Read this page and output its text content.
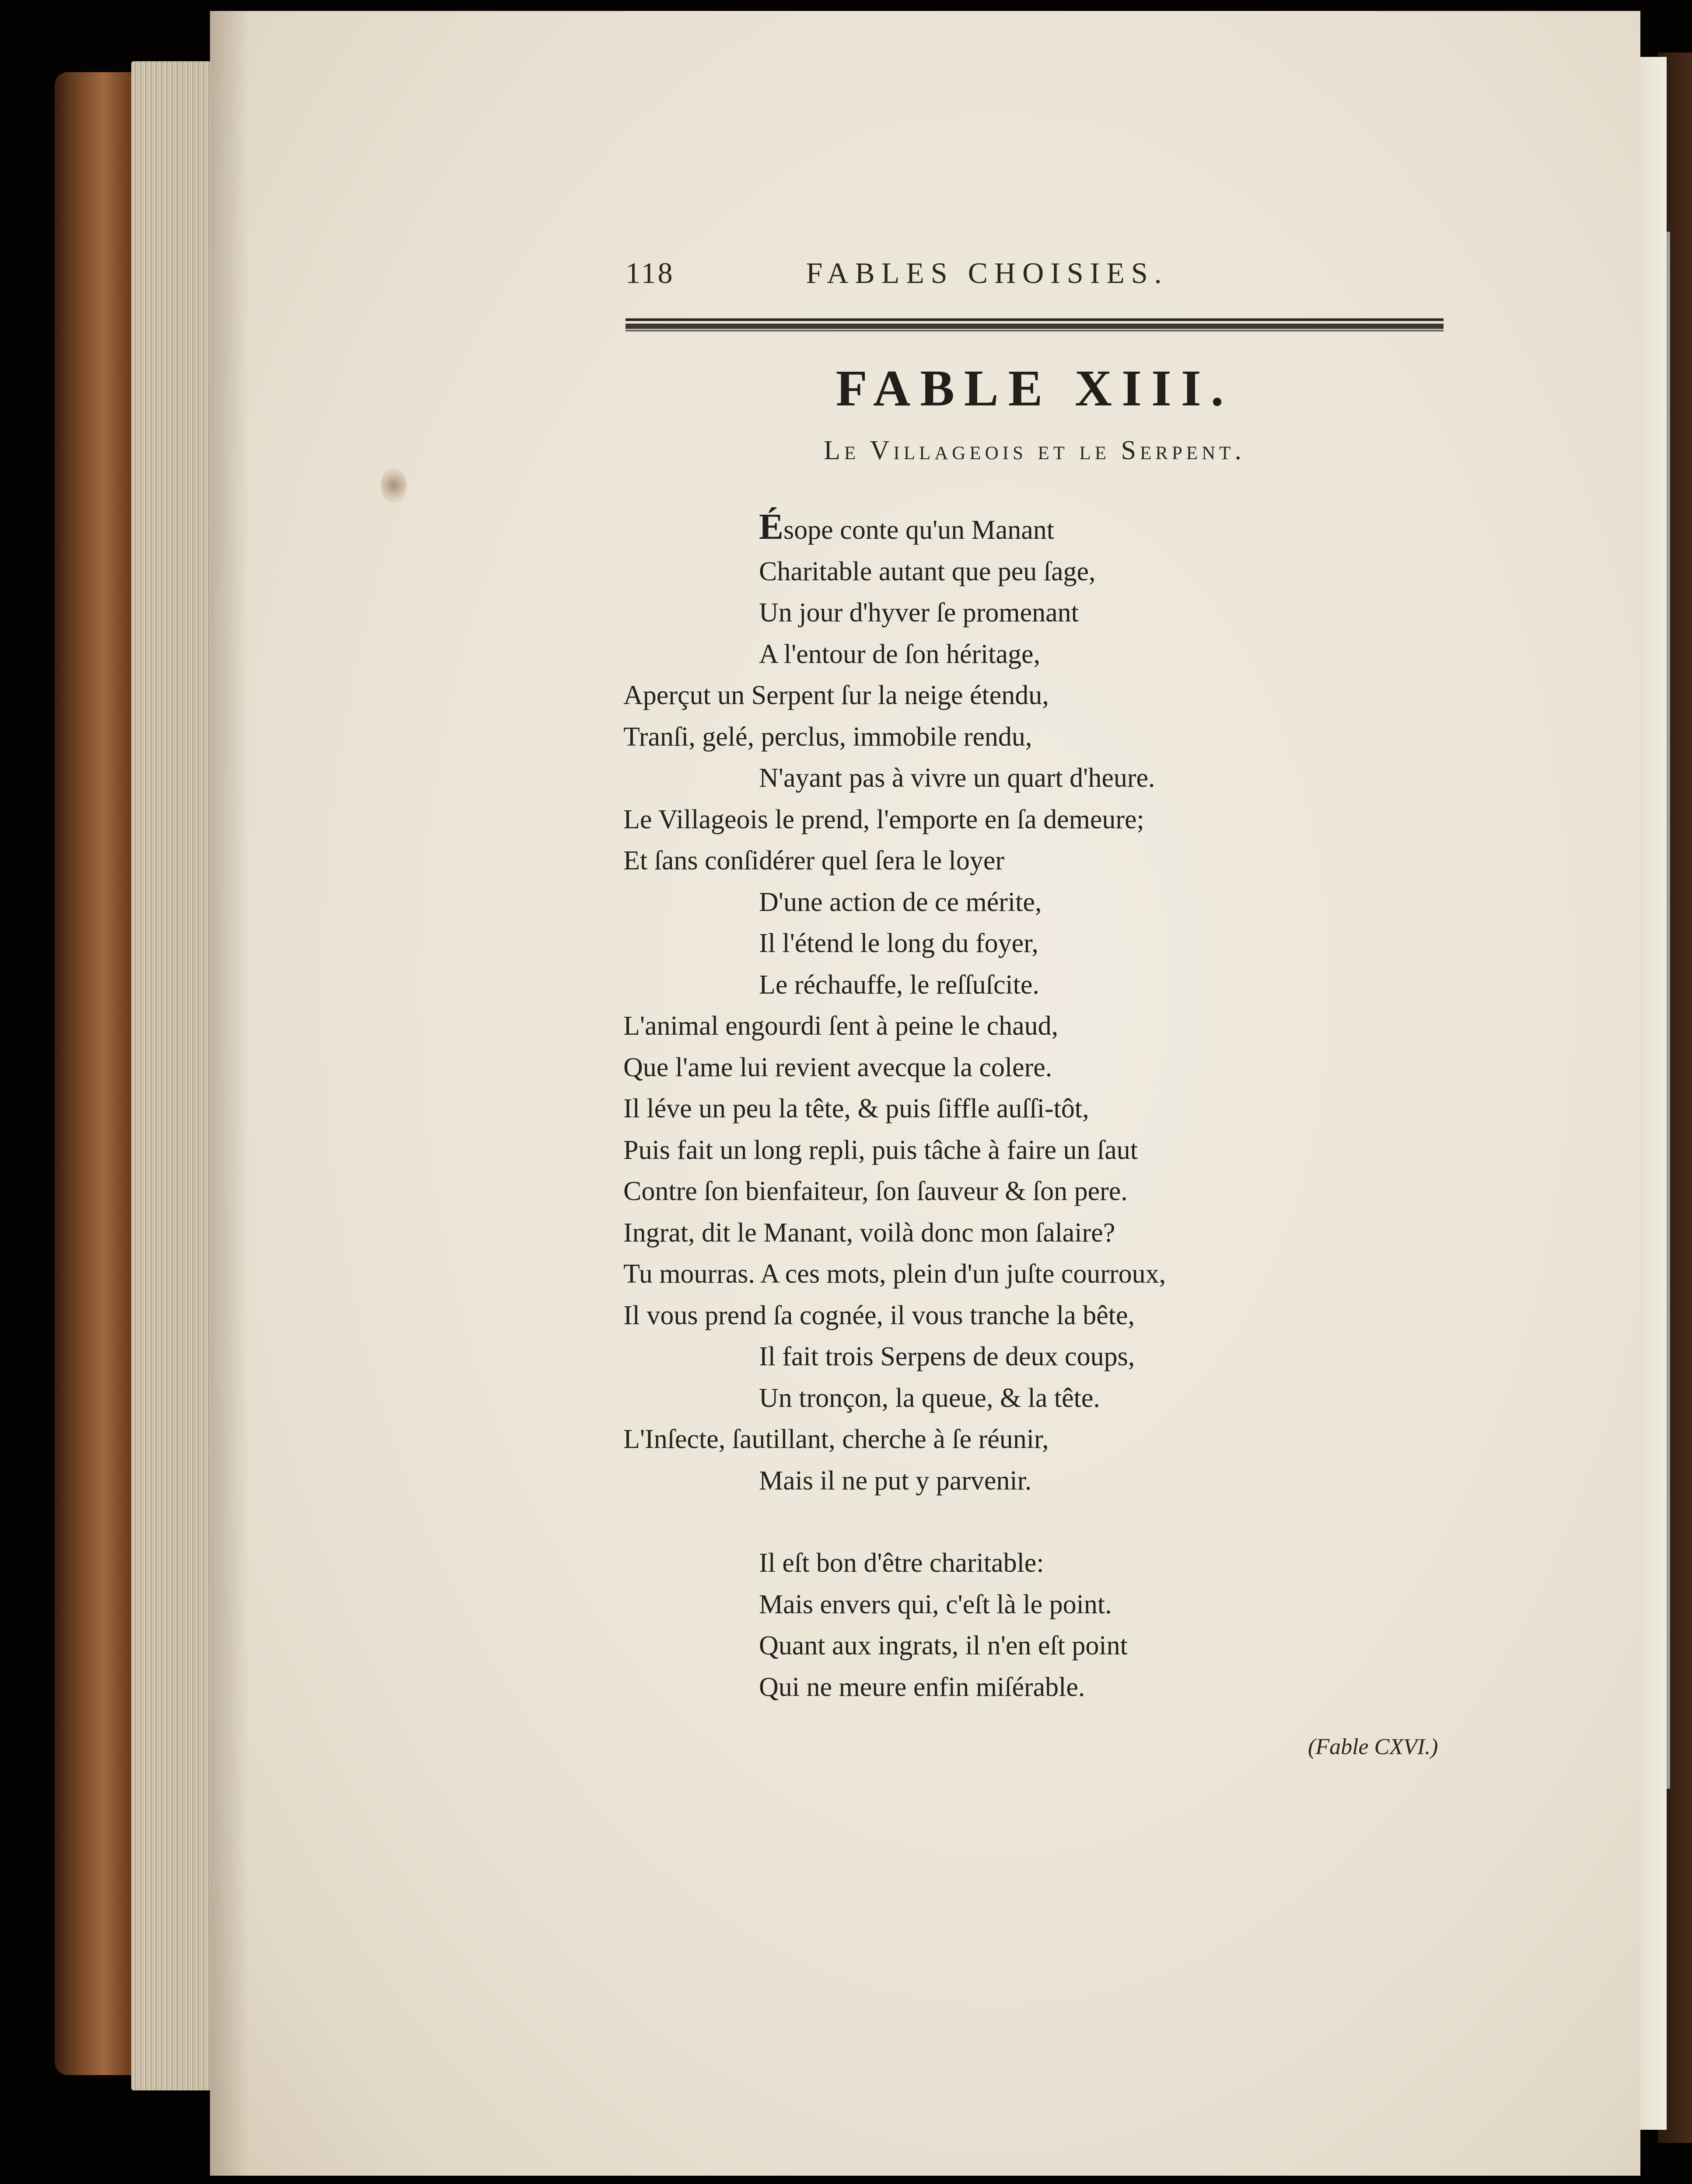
118	FABLES CHOISIES.
FABLE XIII.
Le Villageois et le Serpent.
Ésope conte qu'un Manant
Charitable autant que peu ſage,
Un jour d'hyver ſe promenant
A l'entour de ſon héritage,
Aperçut un Serpent ſur la neige étendu,
Tranſi, gelé, perclus, immobile rendu,
N'ayant pas à vivre un quart d'heure.
Le Villageois le prend, l'emporte en ſa demeure;
Et ſans conſidérer quel ſera le loyer
D'une action de ce mérite,
Il l'étend le long du foyer,
Le réchauffe, le reſſuſcite.
L'animal engourdi ſent à peine le chaud,
Que l'ame lui revient avecque la colere.
Il léve un peu la tête, & puis ſiffle auſſi-tôt,
Puis fait un long repli, puis tâche à faire un ſaut
Contre ſon bienfaiteur, ſon ſauveur & ſon pere.
Ingrat, dit le Manant, voilà donc mon ſalaire?
Tu mourras. A ces mots, plein d'un juſte courroux,
Il vous prend ſa cognée, il vous tranche la bête,
Il fait trois Serpens de deux coups,
Un tronçon, la queue, & la tête.
L'Inſecte, ſautillant, cherche à ſe réunir,
Mais il ne put y parvenir.
Il eſt bon d'être charitable:
Mais envers qui, c'eſt là le point.
Quant aux ingrats, il n'en eſt point
Qui ne meure enfin miſérable.
(Fable CXVI.)
